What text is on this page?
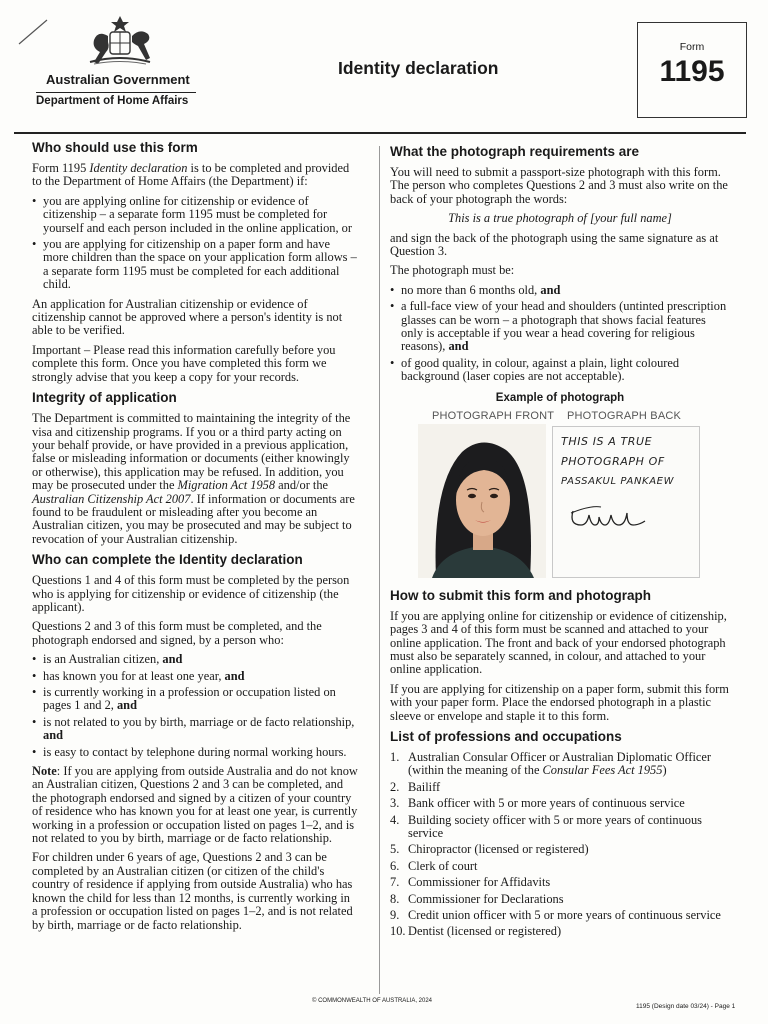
Australian Government
Department of Home Affairs
Identity declaration
Form
1195
Who should use this form

Form 1195 Identity declaration is to be completed and provided to the Department of Home Affairs (the Department) if:

• you are applying online for citizenship or evidence of citizenship – a separate form 1195 must be completed for yourself and each person included in the online application, or
• you are applying for citizenship on a paper form and have more children than the space on your application form allows – a separate form 1195 must be completed for each additional child.

An application for Australian citizenship or evidence of citizenship cannot be approved where a person's identity is not able to be verified.

Important – Please read this information carefully before you complete this form. Once you have completed this form we strongly advise that you keep a copy for your records.

Integrity of application

The Department is committed to maintaining the integrity of the visa and citizenship programs. If you or a third party acting on your behalf provide, or have provided in a previous application, false or misleading information or documents (either knowingly or otherwise), this application may be refused. In addition, you may be prosecuted under the Migration Act 1958 and/or the Australian Citizenship Act 2007. If information or documents are found to be fraudulent or misleading after you become an Australian citizen, you may be prosecuted and may be subject to revocation of your Australian citizenship.

Who can complete the Identity declaration

Questions 1 and 4 of this form must be completed by the person who is applying for citizenship or evidence of citizenship (the applicant).

Questions 2 and 3 of this form must be completed, and the photograph endorsed and signed, by a person who:

• is an Australian citizen, and
• has known you for at least one year, and
• is currently working in a profession or occupation listed on pages 1 and 2, and
• is not related to you by birth, marriage or de facto relationship, and
• is easy to contact by telephone during normal working hours.

Note: If you are applying from outside Australia and do not know an Australian citizen, Questions 2 and 3 can be completed, and the photograph endorsed and signed by a citizen of your country of residence who has known you for at least one year, is currently working in a profession or occupation listed on pages 1–2, and is not related to you by birth, marriage or de facto relationship.

For children under 6 years of age, Questions 2 and 3 can be completed by an Australian citizen (or citizen of the child's country of residence if applying from outside Australia) who has known the child for less than 12 months, is currently working in a profession or occupation listed on pages 1–2, and is not related by birth, marriage or de facto relationship.

What the photograph requirements are

You will need to submit a passport-size photograph with this form. The person who completes Questions 2 and 3 must also write on the back of your photograph the words:

This is a true photograph of [your full name]

and sign the back of the photograph using the same signature as at Question 3.

The photograph must be:

• no more than 6 months old, and
• a full-face view of your head and shoulders (untinted prescription glasses can be worn – a photograph that shows facial features only is acceptable if you wear a head covering for religious reasons), and
• of good quality, in colour, against a plain, light coloured background (laser copies are not acceptable).
Example of photograph
PHOTOGRAPH FRONT PHOTOGRAPH BACK
THIS IS A TRUE
PHOTOGRAPH OF
PASSAKUL PANKAEW
How to submit this form and photograph

If you are applying online for citizenship or evidence of citizenship, pages 3 and 4 of this form must be scanned and attached to your online application. The front and back of your endorsed photograph must also be separately scanned, in colour, and attached to your online application.

If you are applying for citizenship on a paper form, submit this form with your paper form. Place the endorsed photograph in a plastic sleeve or envelope and staple it to this form.

List of professions and occupations
1. Australian Consular Officer or Australian Diplomatic Officer (within the meaning of the Consular Fees Act 1955)
2. Bailiff
3. Bank officer with 5 or more years of continuous service
4. Building society officer with 5 or more years of continuous service
5. Chiropractor (licensed or registered)
6. Clerk of court
7. Commissioner for Affidavits
8. Commissioner for Declarations
9. Credit union officer with 5 or more years of continuous service
10. Dentist (licensed or registered)
© COMMONWEALTH OF AUSTRALIA, 2024
1195 (Design date 03/24) - Page 1
